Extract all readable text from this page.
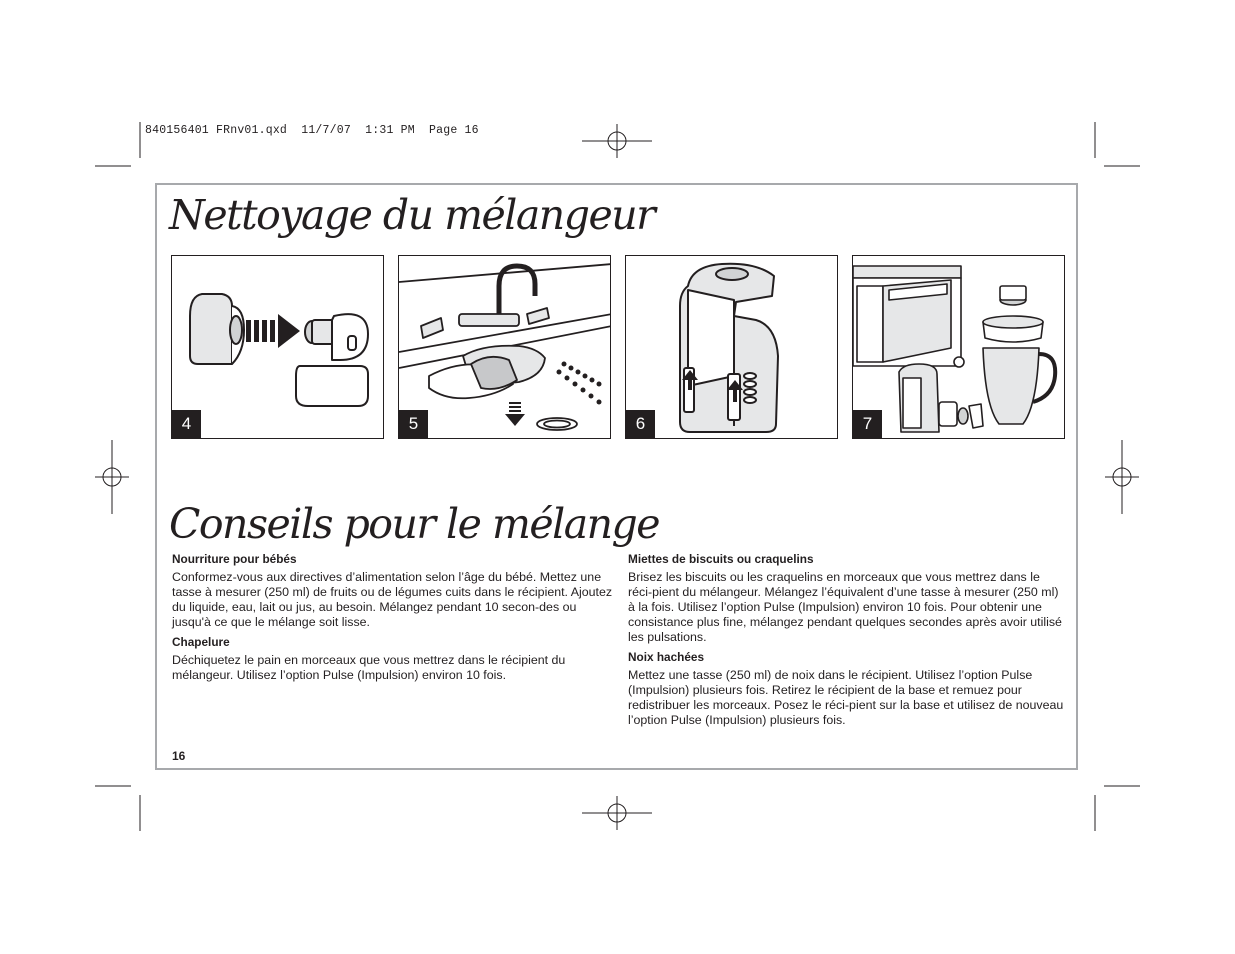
840156401 FRnv01.qxd  11/7/07  1:31 PM  Page 16
Nettoyage du mélangeur
4	5	6	7
Conseils pour le mélange

Nourriture pour bébés

Conformez-vous aux directives d’alimentation selon l’âge du bébé. Mettez une tasse à mesurer (250 ml) de fruits ou de légumes cuits dans le récipient. Ajoutez du liquide, eau, lait ou jus, au besoin. Mélangez pendant 10 secon-des ou jusqu'à ce que le mélange soit lisse.

Chapelure

Déchiquetez le pain en morceaux que vous mettrez dans le récipient du mélangeur. Utilisez l’option Pulse (Impulsion) environ 10 fois.

Miettes de biscuits ou craquelins

Brisez les biscuits ou les craquelins en morceaux que vous mettrez dans le réci-pient du mélangeur. Mélangez l’équivalent d’une tasse à mesurer (250 ml) à la fois. Utilisez l’option Pulse (Impulsion) environ 10 fois. Pour obtenir une consistance plus fine, mélangez pendant quelques secondes après avoir utilisé les pulsations.

Noix hachées

Mettez une tasse (250 ml) de noix dans le récipient. Utilisez l’option Pulse (Impulsion) plusieurs fois. Retirez le récipient de la base et remuez pour redistribuer les morceaux. Posez le réci-pient sur la base et utilisez de nouveau l’option Pulse (Impulsion) plusieurs fois.

16
